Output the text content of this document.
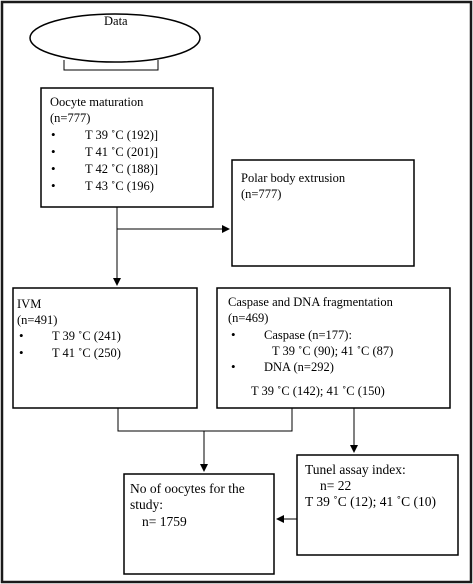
Data
Oocyte maturation
(n=777)
• T 39 ˚C (192)]
• T 41 ˚C (201)]
• T 42 ˚C (188)]
• T 43 ˚C (196)
Polar body extrusion
(n=777)
IVM
(n=491)
• T 39 ˚C (241)
• T 41 ˚C (250)
Caspase and DNA fragmentation
(n=469)
• Caspase (n=177):
T 39 ˚C (90); 41 ˚C (87)
• DNA (n=292)
T 39 ˚C (142); 41 ˚C (150)
Tunel assay index:
n= 22
T 39 ˚C (12); 41 ˚C (10)
No of oocytes for the
study:
n= 1759
